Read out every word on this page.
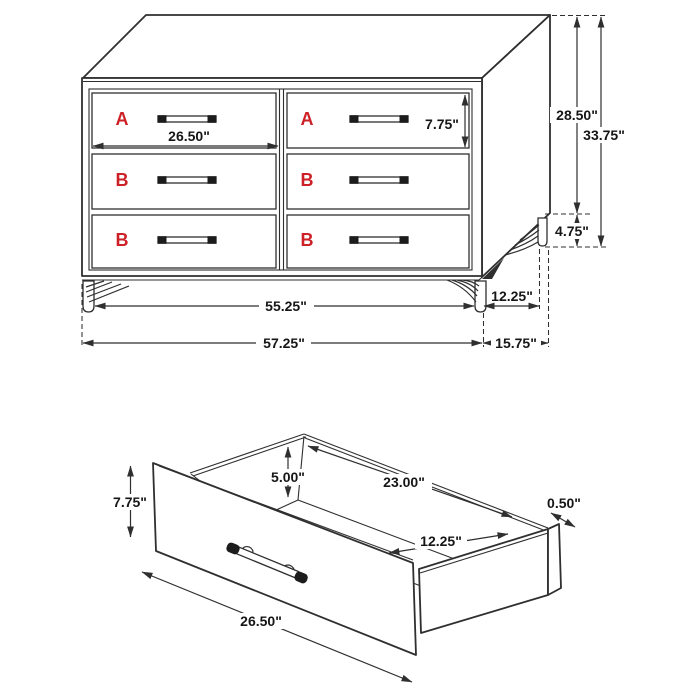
A	A
B	B
B	B
26.50"
7.75"
28.50"
33.75"
4.75"
55.25"
12.25"
57.25"	15.75"
7.75"
5.00"	23.00"
12.25"
0.50"
26.50"
